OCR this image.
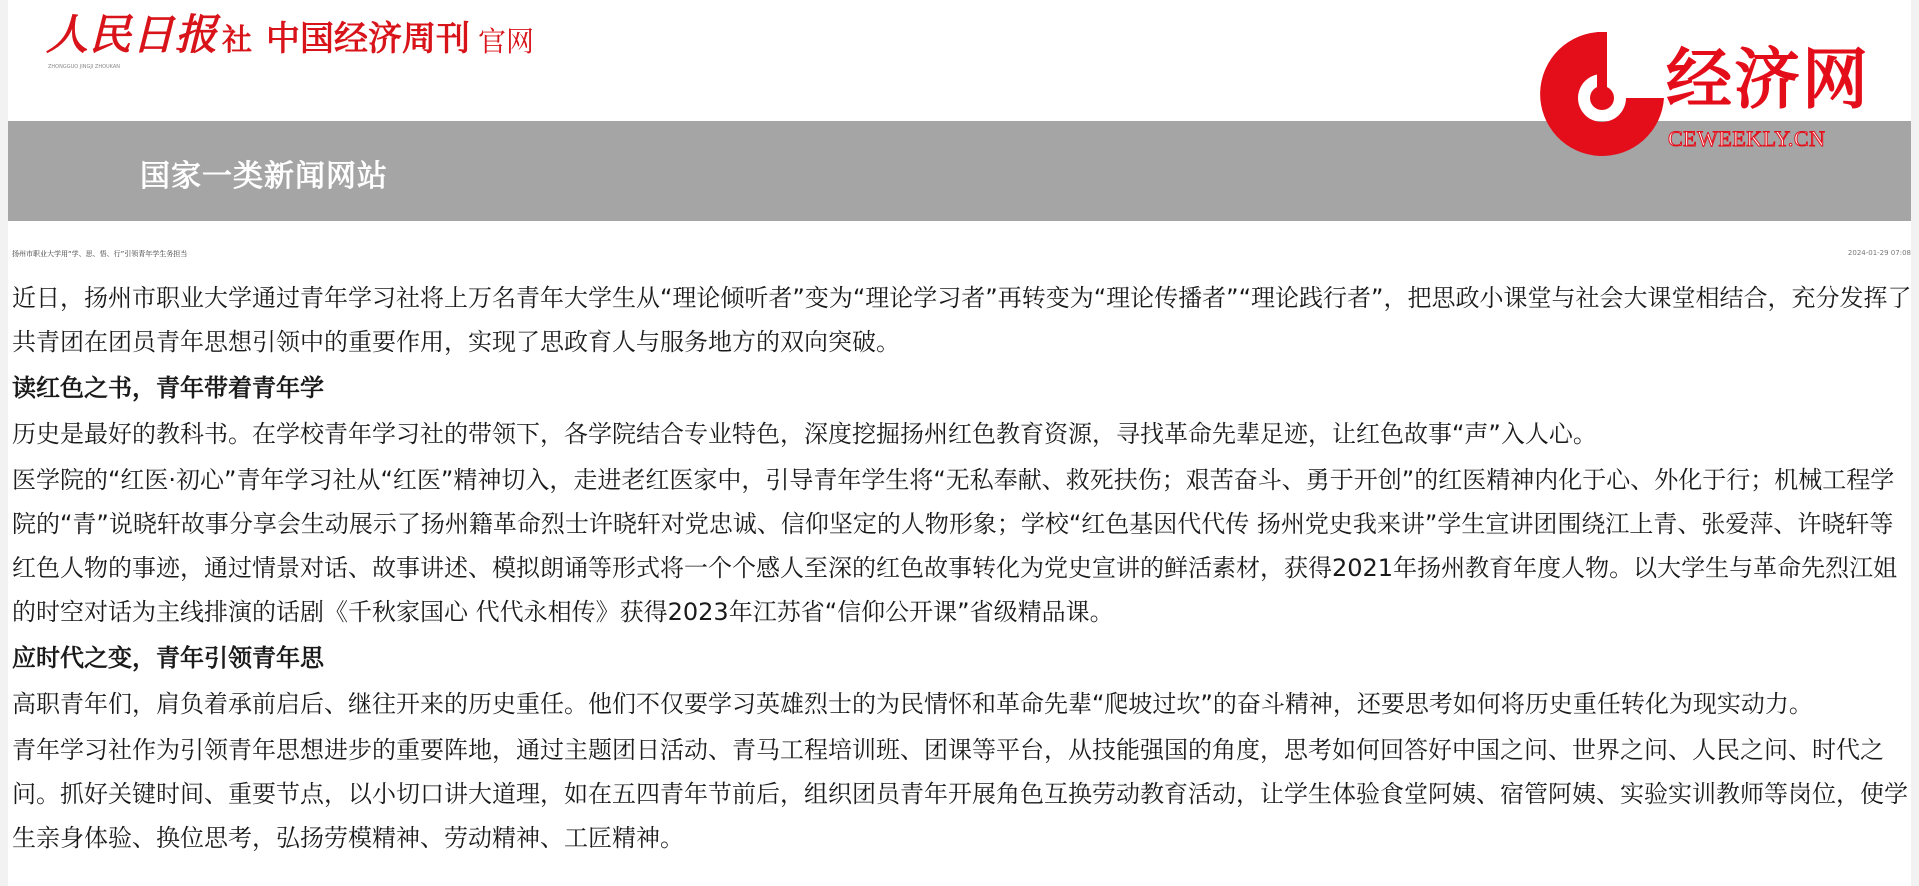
人民日报 社 中国经济周刊 官网
ZHONGGUO JINGJI ZHOUKAN
国家一类新闻网站
经济网
CEWEEKLY.CN
扬州市职业大学用“学、思、悟、行”引领青年学生务担当	2024-01-29 07:08

近日，扬州市职业大学通过青年学习社将上万名青年大学生从“理论倾听者”变为“理论学习者”再转变为“理论传播者”“理论践行者”，把思政小课堂与社会大课堂相结合，充分发挥了共青团在团员青年思想引领中的重要作用，实现了思政育人与服务地方的双向突破。

读红色之书，青年带着青年学

历史是最好的教科书。在学校青年学习社的带领下，各学院结合专业特色，深度挖掘扬州红色教育资源，寻找革命先辈足迹，让红色故事“声”入人心。

医学院的“红医·初心”青年学习社从“红医”精神切入，走进老红医家中，引导青年学生将“无私奉献、救死扶伤；艰苦奋斗、勇于开创”的红医精神内化于心、外化于行；机械工程学院的“青”说晓轩故事分享会生动展示了扬州籍革命烈士许晓轩对党忠诚、信仰坚定的人物形象；学校“红色基因代代传 扬州党史我来讲”学生宣讲团围绕江上青、张爱萍、许晓轩等红色人物的事迹，通过情景对话、故事讲述、模拟朗诵等形式将一个个感人至深的红色故事转化为党史宣讲的鲜活素材，获得2021年扬州教育年度人物。以大学生与革命先烈江姐的时空对话为主线排演的话剧《千秋家国心 代代永相传》获得2023年江苏省“信仰公开课”省级精品课。

应时代之变，青年引领青年思

高职青年们，肩负着承前启后、继往开来的历史重任。他们不仅要学习英雄烈士的为民情怀和革命先辈“爬坡过坎”的奋斗精神，还要思考如何将历史重任转化为现实动力。

青年学习社作为引领青年思想进步的重要阵地，通过主题团日活动、青马工程培训班、团课等平台，从技能强国的角度，思考如何回答好中国之问、世界之问、人民之问、时代之问。抓好关键时间、重要节点，以小切口讲大道理，如在五四青年节前后，组织团员青年开展角色互换劳动教育活动，让学生体验食堂阿姨、宿管阿姨、实验实训教师等岗位，使学生亲身体验、换位思考，弘扬劳模精神、劳动精神、工匠精神。
